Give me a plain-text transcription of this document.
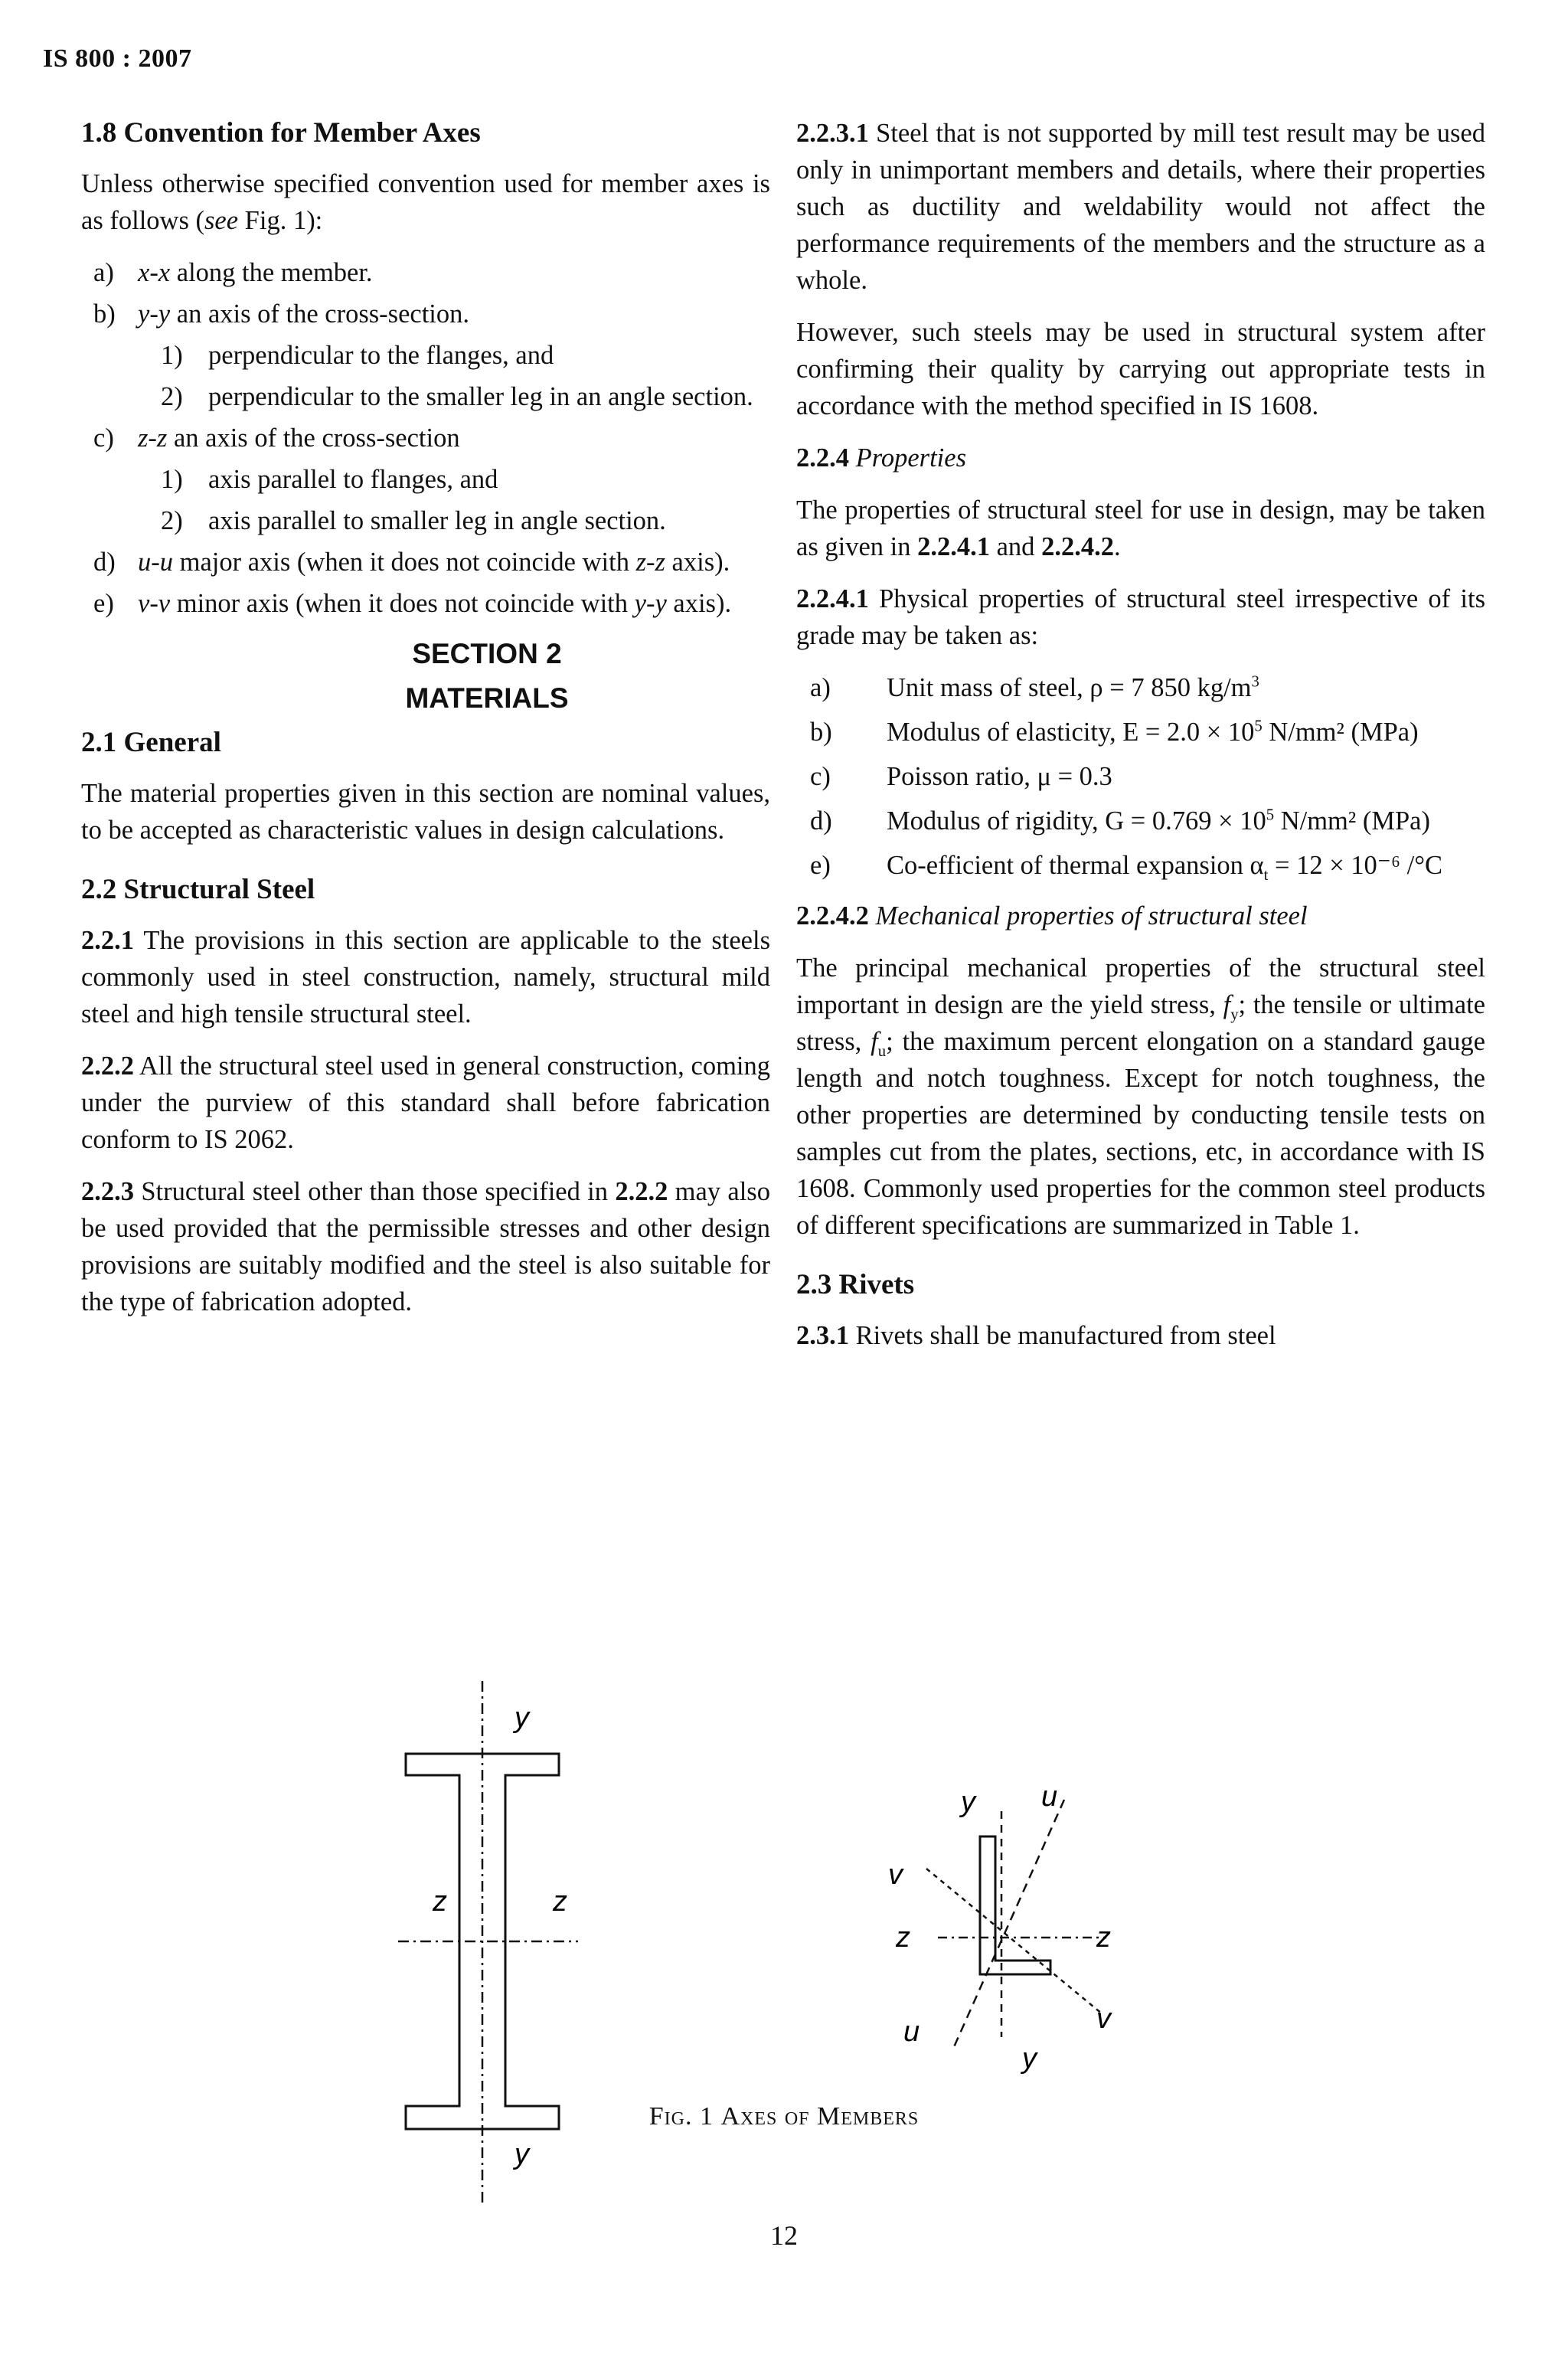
IS 800 : 2007
1.8 Convention for Member Axes

Unless otherwise specified convention used for member axes is as follows (see Fig. 1):

a) x-x along the member.
b) y-y an axis of the cross-section.
1) perpendicular to the flanges, and
2) perpendicular to the smaller leg in an angle section.
c) z-z an axis of the cross-section
1) axis parallel to flanges, and
2) axis parallel to smaller leg in angle section.
d) u-u major axis (when it does not coincide with z-z axis).
e) v-v minor axis (when it does not coincide with y-y axis).
SECTION 2
MATERIALS
2.1 General

The material properties given in this section are nominal values, to be accepted as characteristic values in design calculations.

2.2 Structural Steel

2.2.1 The provisions in this section are applicable to the steels commonly used in steel construction, namely, structural mild steel and high tensile structural steel.

2.2.2 All the structural steel used in general construction, coming under the purview of this standard shall before fabrication conform to IS 2062.

2.2.3 Structural steel other than those specified in 2.2.2 may also be used provided that the permissible stresses and other design provisions are suitably modified and the steel is also suitable for the type of fabrication adopted.

2.2.3.1 Steel that is not supported by mill test result may be used only in unimportant members and details, where their properties such as ductility and weldability would not affect the performance requirements of the members and the structure as a whole.

However, such steels may be used in structural system after confirming their quality by carrying out appropriate tests in accordance with the method specified in IS 1608.

2.2.4 Properties

The properties of structural steel for use in design, may be taken as given in 2.2.4.1 and 2.2.4.2.

2.2.4.1 Physical properties of structural steel irrespective of its grade may be taken as:

a)	Unit mass of steel, ρ = 7 850 $kg/m^3$
b)	Modulus of elasticity, $E = 2.0 \times 10^5$ N/mm² (MPa)
c)	Poisson ratio, μ = 0.3
d)	Modulus of rigidity, $G = 0.769 \times 10^5$ N/mm² (MPa)
e)	Co-efficient of thermal expansion $\alpha_t = 12 \times 10^{-6}$ /°C

2.2.4.2 Mechanical properties of structural steel

The principal mechanical properties of the structural steel important in design are the yield stress, $f_y$; the tensile or ultimate stress, $f_u$; the maximum percent elongation on a standard gauge length and notch toughness. Except for notch toughness, the other properties are determined by conducting tensile tests on samples cut from the plates, sections, etc, in accordance with IS 1608. Commonly used properties for the common steel products of different specifications are summarized in Table 1.

2.3 Rivets

2.3.1 Rivets shall be manufactured from steel

y
y
z	z
y u
v
z	z
u	v
y
Fig. 1 Axes of Members
12
